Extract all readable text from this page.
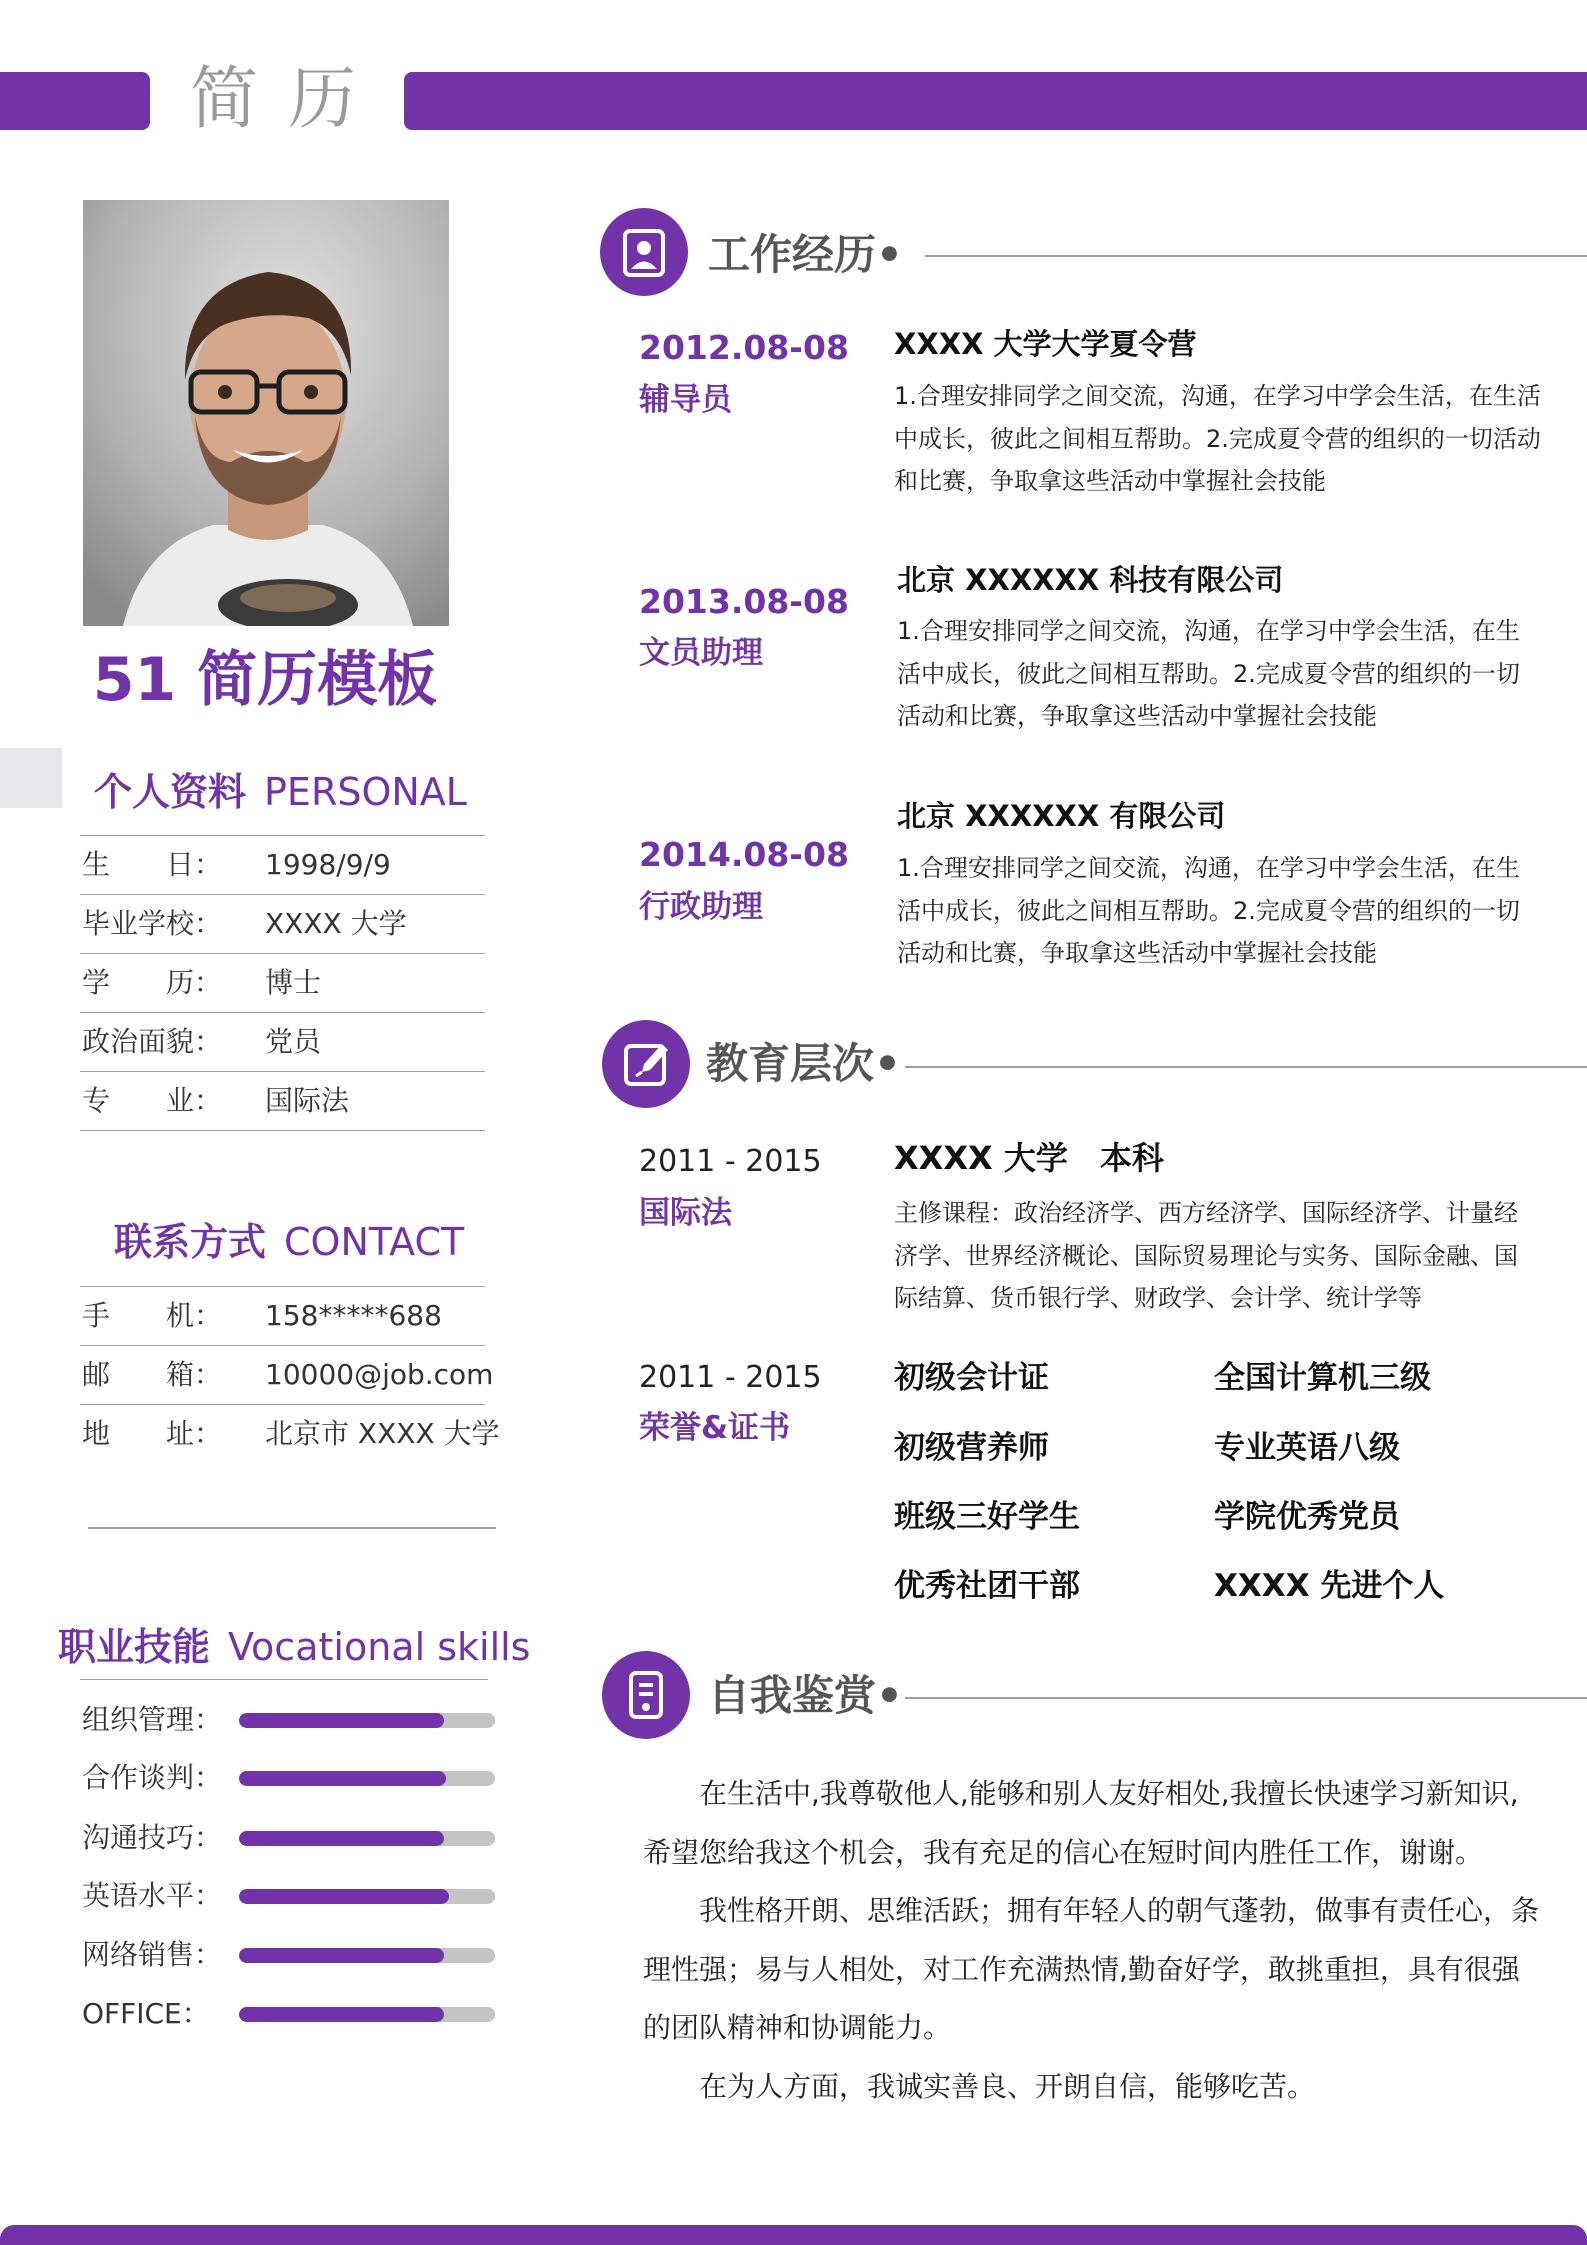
简历
51 简历模板
个人资料 PERSONAL
生　　日： 1998/9/9
毕业学校： XXXX 大学
学　　历： 博士
政治面貌： 党员
专　　业： 国际法
联系方式 CONTACT
手　　机： 158*****688
邮　　箱： 10000@job.com
地　　址： 北京市 XXXX 大学
职业技能 Vocational skills
组织管理：
合作谈判：
沟通技巧：
英语水平：
网络销售：
OFFICE：
工作经历•
2012.08-08
辅导员
XXXX 大学大学夏令营
1.合理安排同学之间交流，沟通，在学习中学会生活，在生活
中成长，彼此之间相互帮助。2.完成夏令营的组织的一切活动
和比赛，争取拿这些活动中掌握社会技能
2013.08-08
文员助理
北京 XXXXXX 科技有限公司
1.合理安排同学之间交流，沟通，在学习中学会生活，在生
活中成长，彼此之间相互帮助。2.完成夏令营的组织的一切
活动和比赛，争取拿这些活动中掌握社会技能
2014.08-08
行政助理
北京 XXXXXX 有限公司
1.合理安排同学之间交流，沟通，在学习中学会生活，在生
活中成长，彼此之间相互帮助。2.完成夏令营的组织的一切
活动和比赛，争取拿这些活动中掌握社会技能
教育层次•
2011 - 2015
国际法
XXXX 大学　本科
主修课程：政治经济学、西方经济学、国际经济学、计量经
济学、世界经济概论、国际贸易理论与实务、国际金融、国
际结算、货币银行学、财政学、会计学、统计学等
2011 - 2015
荣誉&证书
初级会计证	全国计算机三级
初级营养师	专业英语八级
班级三好学生	学院优秀党员
优秀社团干部	XXXX 先进个人
自我鉴赏•

在生活中,我尊敬他人,能够和别人友好相处,我擅长快速学习新知识,希望您给我这个机会，我有充足的信心在短时间内胜任工作，谢谢。

我性格开朗、思维活跃；拥有年轻人的朝气蓬勃，做事有责任心，条理性强；易与人相处，对工作充满热情,勤奋好学，敢挑重担，具有很强的团队精神和协调能力。

在为人方面，我诚实善良、开朗自信，能够吃苦。
